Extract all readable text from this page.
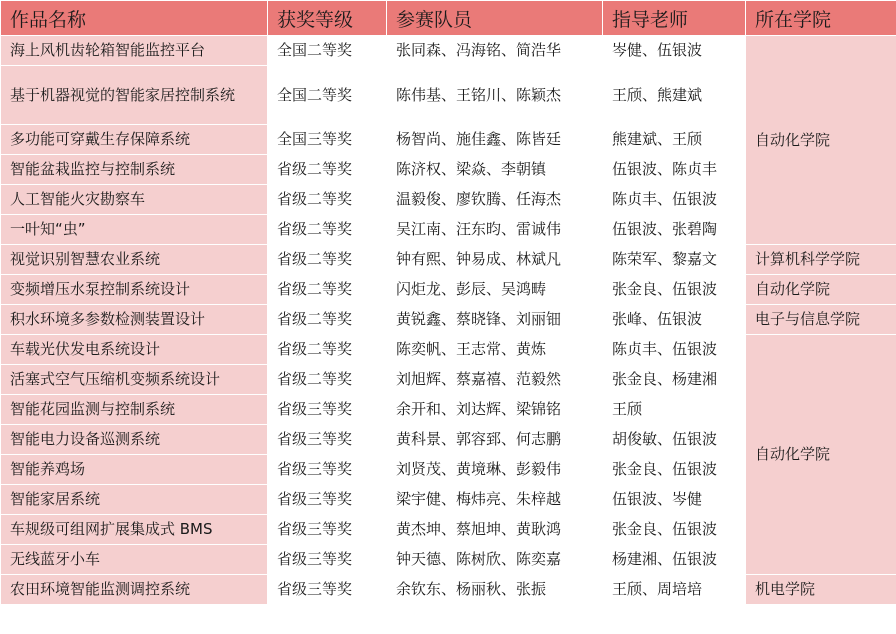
作品名称	获奖等级	参赛队员	指导老师	所在学院
海上风机齿轮箱智能监控平台	全国二等奖	张同森、冯海铭、简浩华	岑健、伍银波	自动化学院
基于机器视觉的智能家居控制系统	全国二等奖	陈伟基、王铭川、陈颖杰	王颀、熊建斌	
多功能可穿戴生存保障系统	全国三等奖	杨智尚、施佳鑫、陈皆廷	熊建斌、王颀	
智能盆栽监控与控制系统	省级二等奖	陈济权、梁焱、李朝镇	伍银波、陈贞丰	
人工智能火灾勘察车	省级二等奖	温毅俊、廖钦腾、任海杰	陈贞丰、伍银波	
一叶知“虫”	省级二等奖	吴江南、汪东昀、雷诚伟	伍银波、张碧陶	
视觉识别智慧农业系统	省级二等奖	钟有熙、钟易成、林斌凡	陈荣军、黎嘉文	计算机科学学院
变频增压水泵控制系统设计	省级二等奖	闪炬龙、彭辰、吴鸿畴	张金良、伍银波	自动化学院
积水环境多参数检测装置设计	省级二等奖	黄锐鑫、蔡晓锋、刘丽钿	张峰、伍银波	电子与信息学院
车载光伏发电系统设计	省级二等奖	陈奕帆、王志常、黄炼	陈贞丰、伍银波	自动化学院
活塞式空气压缩机变频系统设计	省级二等奖	刘旭辉、蔡嘉禧、范毅然	张金良、杨建湘	
智能花园监测与控制系统	省级三等奖	余开和、刘达辉、梁锦铭	王颀	
智能电力设备巡测系统	省级三等奖	黄科景、郭容郅、何志鹏	胡俊敏、伍银波	
智能养鸡场	省级三等奖	刘贤茂、黄境琳、彭毅伟	张金良、伍银波	
智能家居系统	省级三等奖	梁宇健、梅炜亮、朱梓越	伍银波、岑健	
车规级可组网扩展集成式 BMS	省级三等奖	黄杰坤、蔡旭坤、黄耿鸿	张金良、伍银波	
无线蓝牙小车	省级三等奖	钟天德、陈树欣、陈奕嘉	杨建湘、伍银波	
农田环境智能监测调控系统	省级三等奖	余钦东、杨丽秋、张振	王颀、周培培	机电学院
